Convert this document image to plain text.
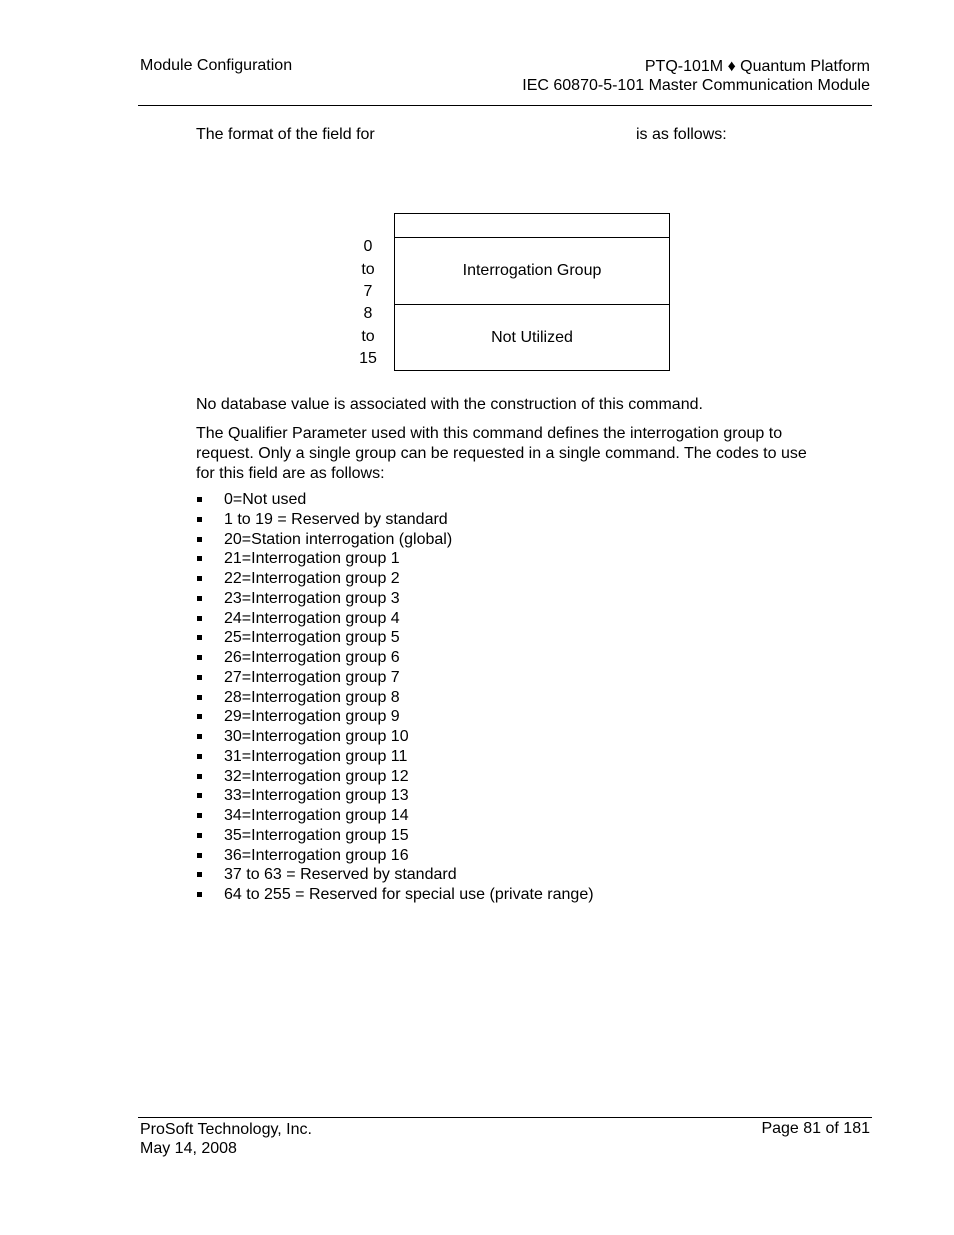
Module Configuration	PTQ-101M ♦ Quantum Platform
IEC 60870-5-101 Master Communication Module
The format of the field for	is as follows:
0
to
7
8
to
15
Interrogation Group
Not Utilized
No database value is associated with the construction of this command.
The Qualifier Parameter used with this command defines the interrogation group to request. Only a single group can be requested in a single command. The codes to use for this field are as follows:
0=Not used
1 to 19 = Reserved by standard
20=Station interrogation (global)
21=Interrogation group 1
22=Interrogation group 2
23=Interrogation group 3
24=Interrogation group 4
25=Interrogation group 5
26=Interrogation group 6
27=Interrogation group 7
28=Interrogation group 8
29=Interrogation group 9
30=Interrogation group 10
31=Interrogation group 11
32=Interrogation group 12
33=Interrogation group 13
34=Interrogation group 14
35=Interrogation group 15
36=Interrogation group 16
37 to 63 = Reserved by standard
64 to 255 = Reserved for special use (private range)
ProSoft Technology, Inc.
May 14, 2008
Page 81 of 181
